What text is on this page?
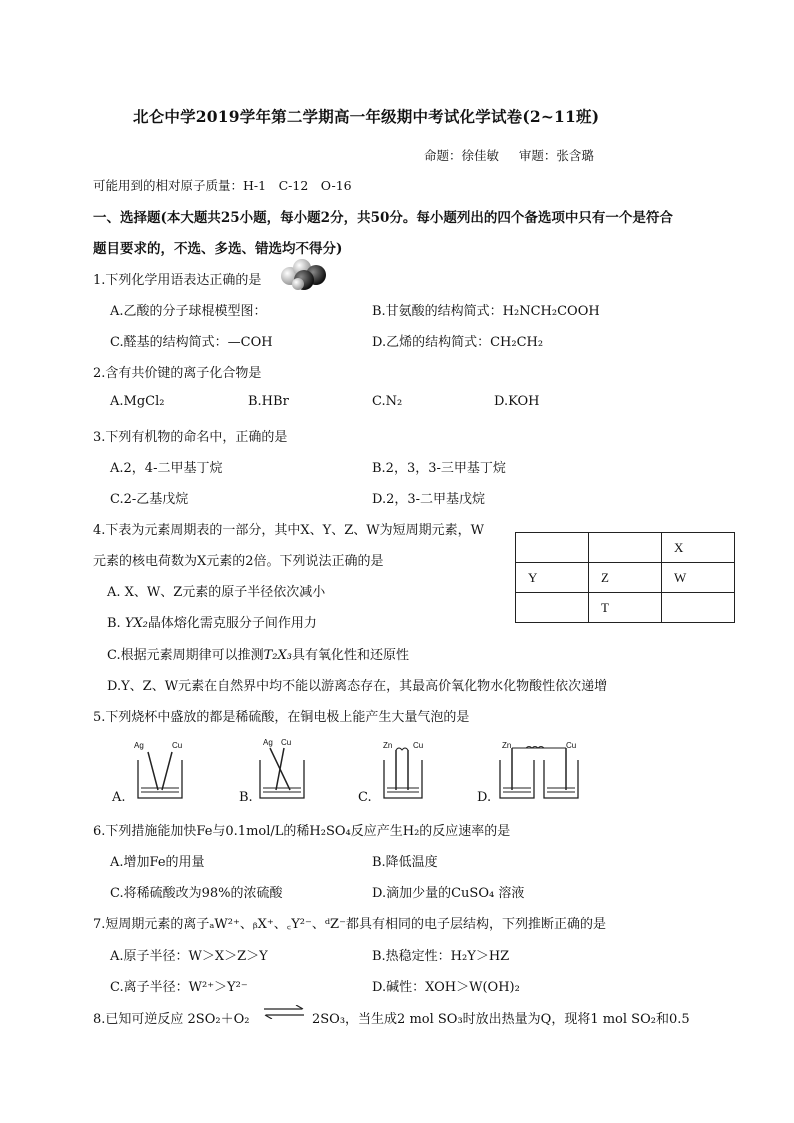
北仑中学2019学年第二学期高一年级期中考试化学试卷(2~11班)
命题：徐佳敏 审题：张含璐
可能用到的相对原子质量：H-1　C-12　O-16
一、选择题(本大题共25小题，每小题2分，共50分。每小题列出的四个备选项中只有一个是符合
题目要求的，不选、多选、错选均不得分)
1.下列化学用语表达正确的是
A.乙酸的分子球棍模型图：	B.甘氨酸的结构简式：H₂NCH₂COOH
C.醛基的结构简式：—COH	D.乙烯的结构简式：CH₂CH₂
2.含有共价键的离子化合物是
A.MgCl₂	B.HBr	C.N₂	D.KOH
3.下列有机物的命名中，正确的是
A.2，4-二甲基丁烷	B.2，3，3-三甲基丁烷
C.2-乙基戊烷	D.2，3-二甲基戊烷
4.下表为元素周期表的一部分，其中X、Y、Z、W为短周期元素，W
元素的核电荷数为X元素的2倍。下列说法正确的是
A. X、W、Z元素的原子半径依次减小
B. YX₂晶体熔化需克服分子间作用力
C.根据元素周期律可以推测T₂X₃具有氧化性和还原性
D.Y、Z、W元素在自然界中均不能以游离态存在，其最高价氧化物水化物酸性依次递增
		X
Y	Z	W
	T	
5.下列烧杯中盛放的都是稀硫酸，在铜电极上能产生大量气泡的是
Ag	Cu
A.
Ag Cu
B.
Zn	Cu
C.
Zn	Cu
D.
6.下列措施能加快Fe与0.1mol/L的稀H₂SO₄反应产生H₂的反应速率的是
A.增加Fe的用量	B.降低温度
C.将稀硫酸改为98%的浓硫酸	D.滴加少量的CuSO₄ 溶液
7.短周期元素的离子ₐW²⁺、ᵦX⁺、꜀Y²⁻、ᵈZ⁻都具有相同的电子层结构，下列推断正确的是
A.原子半径：W＞X＞Z＞Y	B.热稳定性：H₂Y＞HZ
C.离子半径：W²⁺＞Y²⁻	D.碱性：XOH＞W(OH)₂
8.已知可逆反应 2SO₂＋O₂ ⇌ 2SO₃，当生成2 mol SO₃时放出热量为Q，现将1 mol SO₂和0.5
